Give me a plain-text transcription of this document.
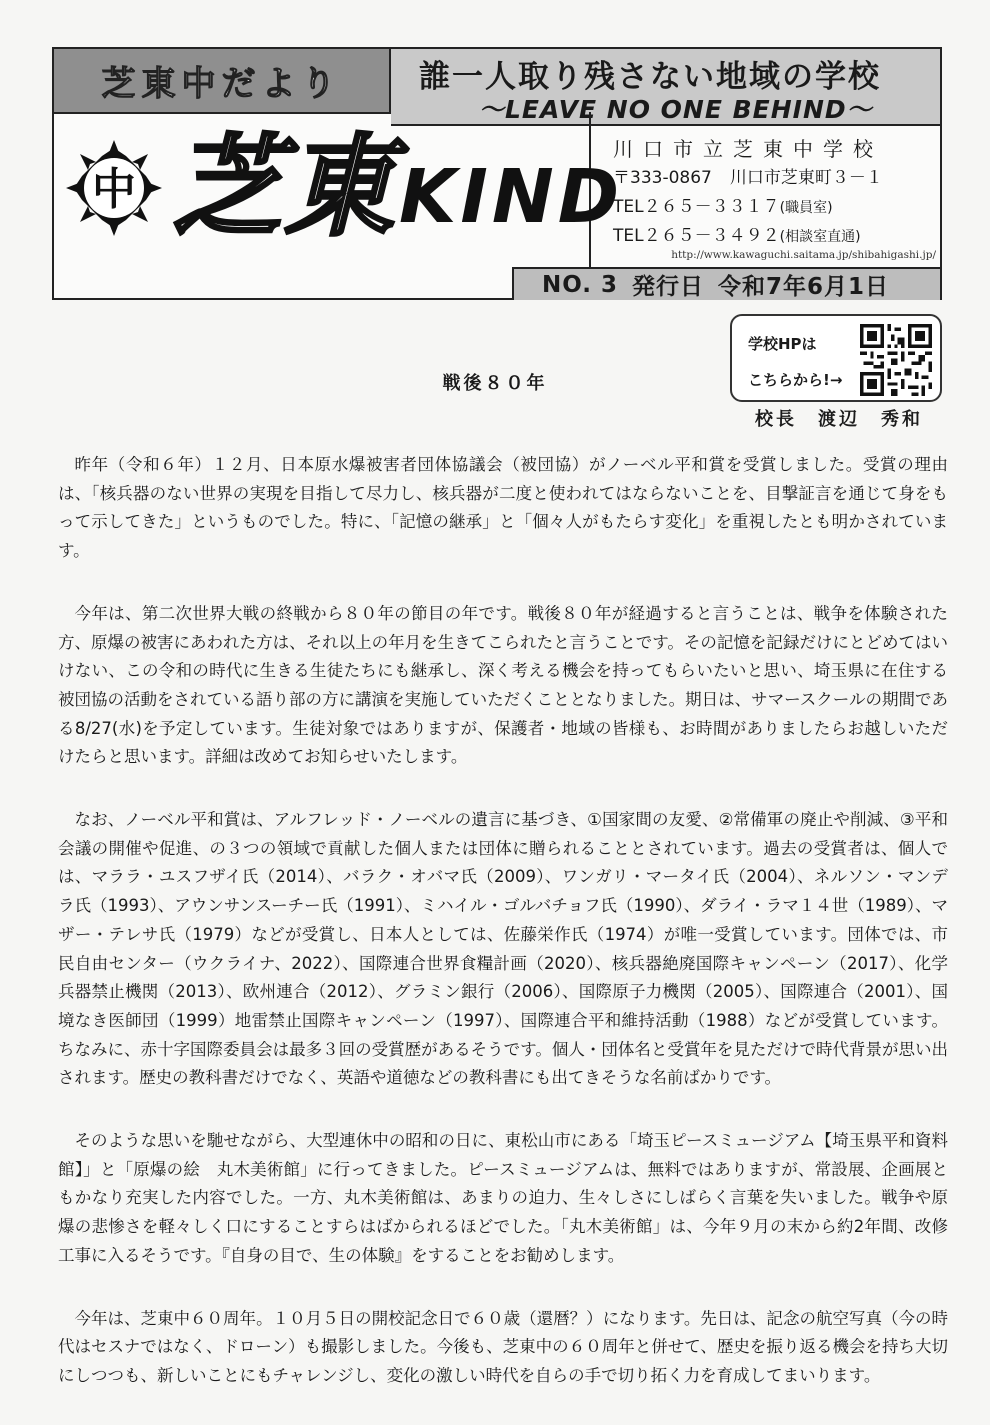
芝東中だより	誰一人取り残さない地域の学校
～LEAVE NO ONE BEHIND～
中 芝東 KIND
川口市立芝東中学校
〒333-0867 川口市芝東町３－１
TEL２６５－３３１７(職員室)
TEL２６５－３４９２(相談室直通)
http://www.kawaguchi.saitama.jp/shibahigashi.jp/
NO. 3 発行日 令和7年6月1日
学校HPは
こちらから!→
戦後８０年
校長　渡辺　秀和

昨年（令和６年）１２月、日本原水爆被害者団体協議会（被団協）がノーベル平和賞を受賞しました。受賞の理由は、「核兵器のない世界の実現を目指して尽力し、核兵器が二度と使われてはならないことを、目撃証言を通じて身をもって示してきた」というものでした。特に、「記憶の継承」と「個々人がもたらす変化」を重視したとも明かされています。

今年は、第二次世界大戦の終戦から８０年の節目の年です。戦後８０年が経過すると言うことは、戦争を体験された方、原爆の被害にあわれた方は、それ以上の年月を生きてこられたと言うことです。その記憶を記録だけにとどめてはいけない、この令和の時代に生きる生徒たちにも継承し、深く考える機会を持ってもらいたいと思い、埼玉県に在住する被団協の活動をされている語り部の方に講演を実施していただくこととなりました。期日は、サマースクールの期間である8/27(水)を予定しています。生徒対象ではありますが、保護者・地域の皆様も、お時間がありましたらお越しいただけたらと思います。詳細は改めてお知らせいたします。

なお、ノーベル平和賞は、アルフレッド・ノーベルの遺言に基づき、①国家間の友愛、②常備軍の廃止や削減、③平和会議の開催や促進、の３つの領域で貢献した個人または団体に贈られることとされています。過去の受賞者は、個人では、マララ・ユスフザイ氏（2014）、バラク・オバマ氏（2009）、ワンガリ・マータイ氏（2004）、ネルソン・マンデラ氏（1993）、アウンサンスーチー氏（1991）、ミハイル・ゴルバチョフ氏（1990）、ダライ・ラマ１４世（1989）、マザー・テレサ氏（1979）などが受賞し、日本人としては、佐藤栄作氏（1974）が唯一受賞しています。団体では、市民自由センター（ウクライナ、2022）、国際連合世界食糧計画（2020）、核兵器絶廃国際キャンペーン（2017）、化学兵器禁止機関（2013）、欧州連合（2012）、グラミン銀行（2006）、国際原子力機関（2005）、国際連合（2001）、国境なき医師団（1999）地雷禁止国際キャンペーン（1997）、国際連合平和維持活動（1988）などが受賞しています。ちなみに、赤十字国際委員会は最多３回の受賞歴があるそうです。個人・団体名と受賞年を見ただけで時代背景が思い出されます。歴史の教科書だけでなく、英語や道徳などの教科書にも出てきそうな名前ばかりです。

そのような思いを馳せながら、大型連休中の昭和の日に、東松山市にある「埼玉ピースミュージアム【埼玉県平和資料館】」と「原爆の絵　丸木美術館」に行ってきました。ピースミュージアムは、無料ではありますが、常設展、企画展ともかなり充実した内容でした。一方、丸木美術館は、あまりの迫力、生々しさにしばらく言葉を失いました。戦争や原爆の悲惨さを軽々しく口にすることすらはばかられるほどでした。「丸木美術館」は、今年９月の末から約2年間、改修工事に入るそうです。『自身の目で、生の体験』をすることをお勧めします。

今年は、芝東中６０周年。１０月５日の開校記念日で６０歳（還暦？）になります。先日は、記念の航空写真（今の時代はセスナではなく、ドローン）も撮影しました。今後も、芝東中の６０周年と併せて、歴史を振り返る機会を持ち大切にしつつも、新しいことにもチャレンジし、変化の激しい時代を自らの手で切り拓く力を育成してまいります。
